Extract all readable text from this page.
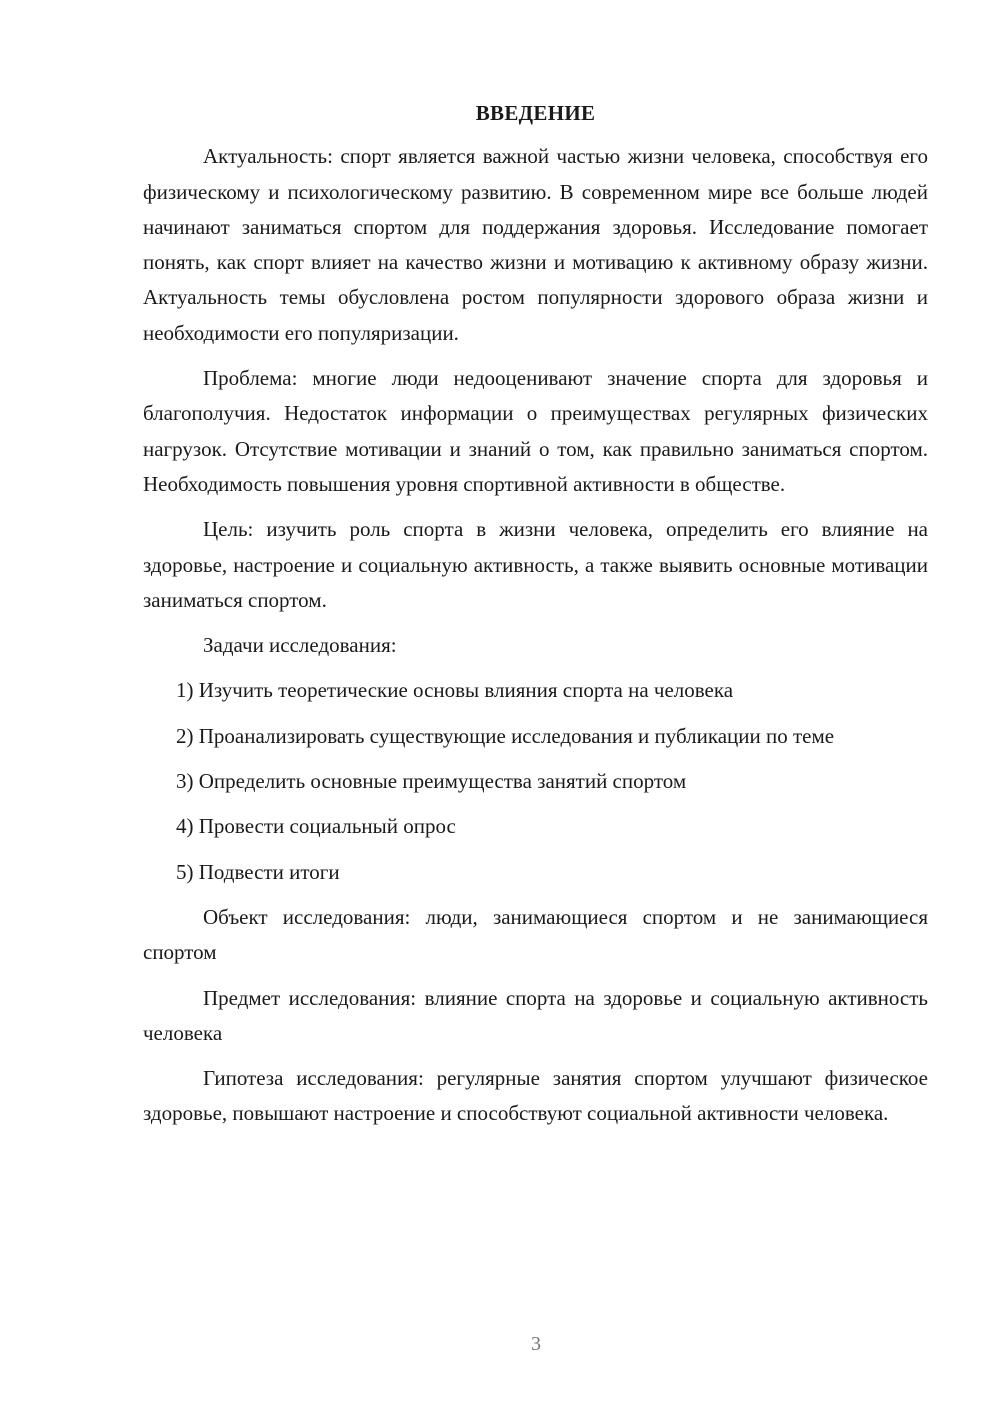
ВВЕДЕНИЕ

Актуальность: спорт является важной частью жизни человека, способствуя его физическому и психологическому развитию. В современном мире все больше людей начинают заниматься спортом для поддержания здоровья. Исследование помогает понять, как спорт влияет на качество жизни и мотивацию к активному образу жизни. Актуальность темы обусловлена ростом популярности здорового образа жизни и необходимости его популяризации.

Проблема: многие люди недооценивают значение спорта для здоровья и благополучия. Недостаток информации о преимуществах регулярных физических нагрузок. Отсутствие мотивации и знаний о том, как правильно заниматься спортом. Необходимость повышения уровня спортивной активности в обществе.

Цель: изучить роль спорта в жизни человека, определить его влияние на здоровье, настроение и социальную активность, а также выявить основные мотивации заниматься спортом.

Задачи исследования:

1) Изучить теоретические основы влияния спорта на человека

2) Проанализировать существующие исследования и публикации по теме

3) Определить основные преимущества занятий спортом

4) Провести социальный опрос

5) Подвести итоги

Объект исследования: люди, занимающиеся спортом и не занимающиеся спортом

Предмет исследования: влияние спорта на здоровье и социальную активность человека

Гипотеза исследования: регулярные занятия спортом улучшают физическое здоровье, повышают настроение и способствуют социальной активности человека.

3
